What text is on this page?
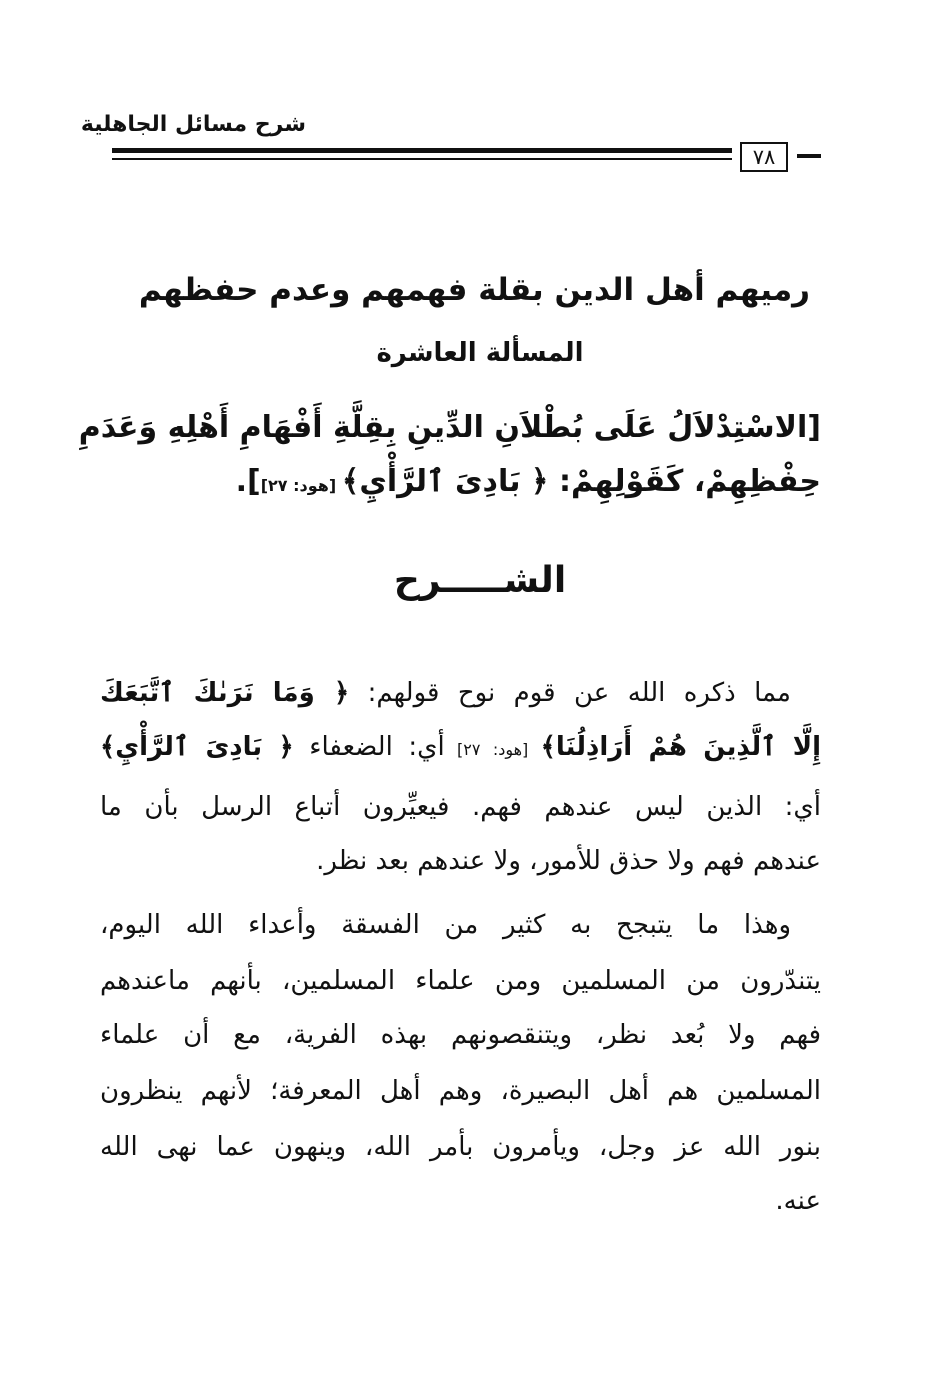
شرح مسائل الجاهلية
٧٨
رميهم أهل الدين بقلة فهمهم وعدم حفظهم
المسألة العاشرة
[الاسْتِدْلاَلُ عَلَى بُطْلاَنِ الدِّينِ بِقِلَّةِ أَفْهَامِ أَهْلِهِ وَعَدَمِ
حِفْظِهِمْ، كَقَوْلِهِمْ: ﴿ بَادِىَ ٱلرَّأْيِ﴾ [هود: ٢٧]].
الشـــــرح
مما ذكره الله عن قوم نوح قولهم: ﴿ وَمَا نَرَىٰكَ ٱتَّبَعَكَ
إِلَّا ٱلَّذِينَ هُمْ أَرَاذِلُنَا﴾ [هود: ٢٧] أي: الضعفاء ﴿ بَادِىَ ٱلرَّأْيِ﴾
أي: الذين ليس عندهم فهم. فيعيِّرون أتباع الرسل بأن ما
عندهم فهم ولا حذق للأمور، ولا عندهم بعد نظر.
وهذا ما يتبجح به كثير من الفسقة وأعداء الله اليوم،
يتندّرون من المسلمين ومن علماء المسلمين، بأنهم ماعندهم
فهم ولا بُعد نظر، ويتنقصونهم بهذه الفرية، مع أن علماء
المسلمين هم أهل البصيرة، وهم أهل المعرفة؛ لأنهم ينظرون
بنور الله عز وجل، ويأمرون بأمر الله، وينهون عما نهى الله
عنه.
